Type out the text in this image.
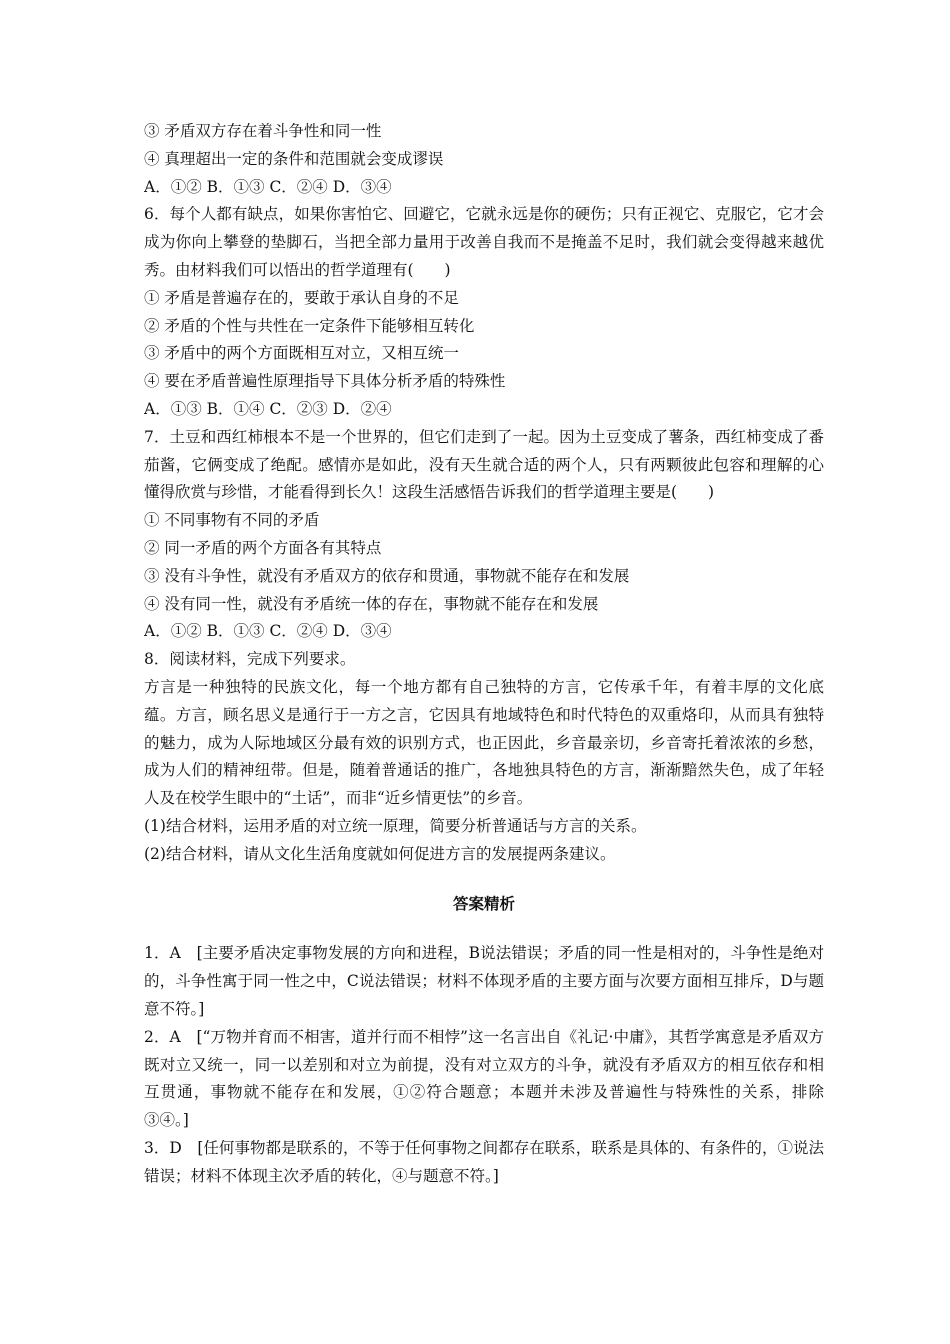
③ 矛盾双方存在着斗争性和同一性
④ 真理超出一定的条件和范围就会变成谬误
A．①② B．①③ C．②④ D．③④
6．每个人都有缺点，如果你害怕它、回避它，它就永远是你的硬伤；只有正视它、克服它，它才会成为你向上攀登的垫脚石，当把全部力量用于改善自我而不是掩盖不足时，我们就会变得越来越优秀。由材料我们可以悟出的哲学道理有(　　)
① 矛盾是普遍存在的，要敢于承认自身的不足
② 矛盾的个性与共性在一定条件下能够相互转化
③ 矛盾中的两个方面既相互对立，又相互统一
④ 要在矛盾普遍性原理指导下具体分析矛盾的特殊性
A．①③ B．①④ C．②③ D．②④
7．土豆和西红柿根本不是一个世界的，但它们走到了一起。因为土豆变成了薯条，西红柿变成了番茄酱，它俩变成了绝配。感情亦是如此，没有天生就合适的两个人，只有两颗彼此包容和理解的心懂得欣赏与珍惜，才能看得到长久！这段生活感悟告诉我们的哲学道理主要是(　　)
① 不同事物有不同的矛盾
② 同一矛盾的两个方面各有其特点
③ 没有斗争性，就没有矛盾双方的依存和贯通，事物就不能存在和发展
④ 没有同一性，就没有矛盾统一体的存在，事物就不能存在和发展
A．①② B．①③ C．②④ D．③④
8．阅读材料，完成下列要求。
方言是一种独特的民族文化，每一个地方都有自己独特的方言，它传承千年，有着丰厚的文化底蕴。方言，顾名思义是通行于一方之言，它因具有地域特色和时代特色的双重烙印，从而具有独特的魅力，成为人际地域区分最有效的识别方式，也正因此，乡音最亲切，乡音寄托着浓浓的乡愁，成为人们的精神纽带。但是，随着普通话的推广，各地独具特色的方言，渐渐黯然失色，成了年轻人及在校学生眼中的“土话”，而非“近乡情更怯”的乡音。
(1)结合材料，运用矛盾的对立统一原理，简要分析普通话与方言的关系。
(2)结合材料，请从文化生活角度就如何促进方言的发展提两条建议。
答案精析
1．A　[主要矛盾决定事物发展的方向和进程，B说法错误；矛盾的同一性是相对的，斗争性是绝对的，斗争性寓于同一性之中，C说法错误；材料不体现矛盾的主要方面与次要方面相互排斥，D与题意不符。]
2．A　[“万物并育而不相害，道并行而不相悖”这一名言出自《礼记·中庸》，其哲学寓意是矛盾双方既对立又统一，同一以差别和对立为前提，没有对立双方的斗争，就没有矛盾双方的相互依存和相互贯通，事物就不能存在和发展，①②符合题意；本题并未涉及普遍性与特殊性的关系，排除③④。]
3．D　[任何事物都是联系的，不等于任何事物之间都存在联系，联系是具体的、有条件的，①说法错误；材料不体现主次矛盾的转化，④与题意不符。]
